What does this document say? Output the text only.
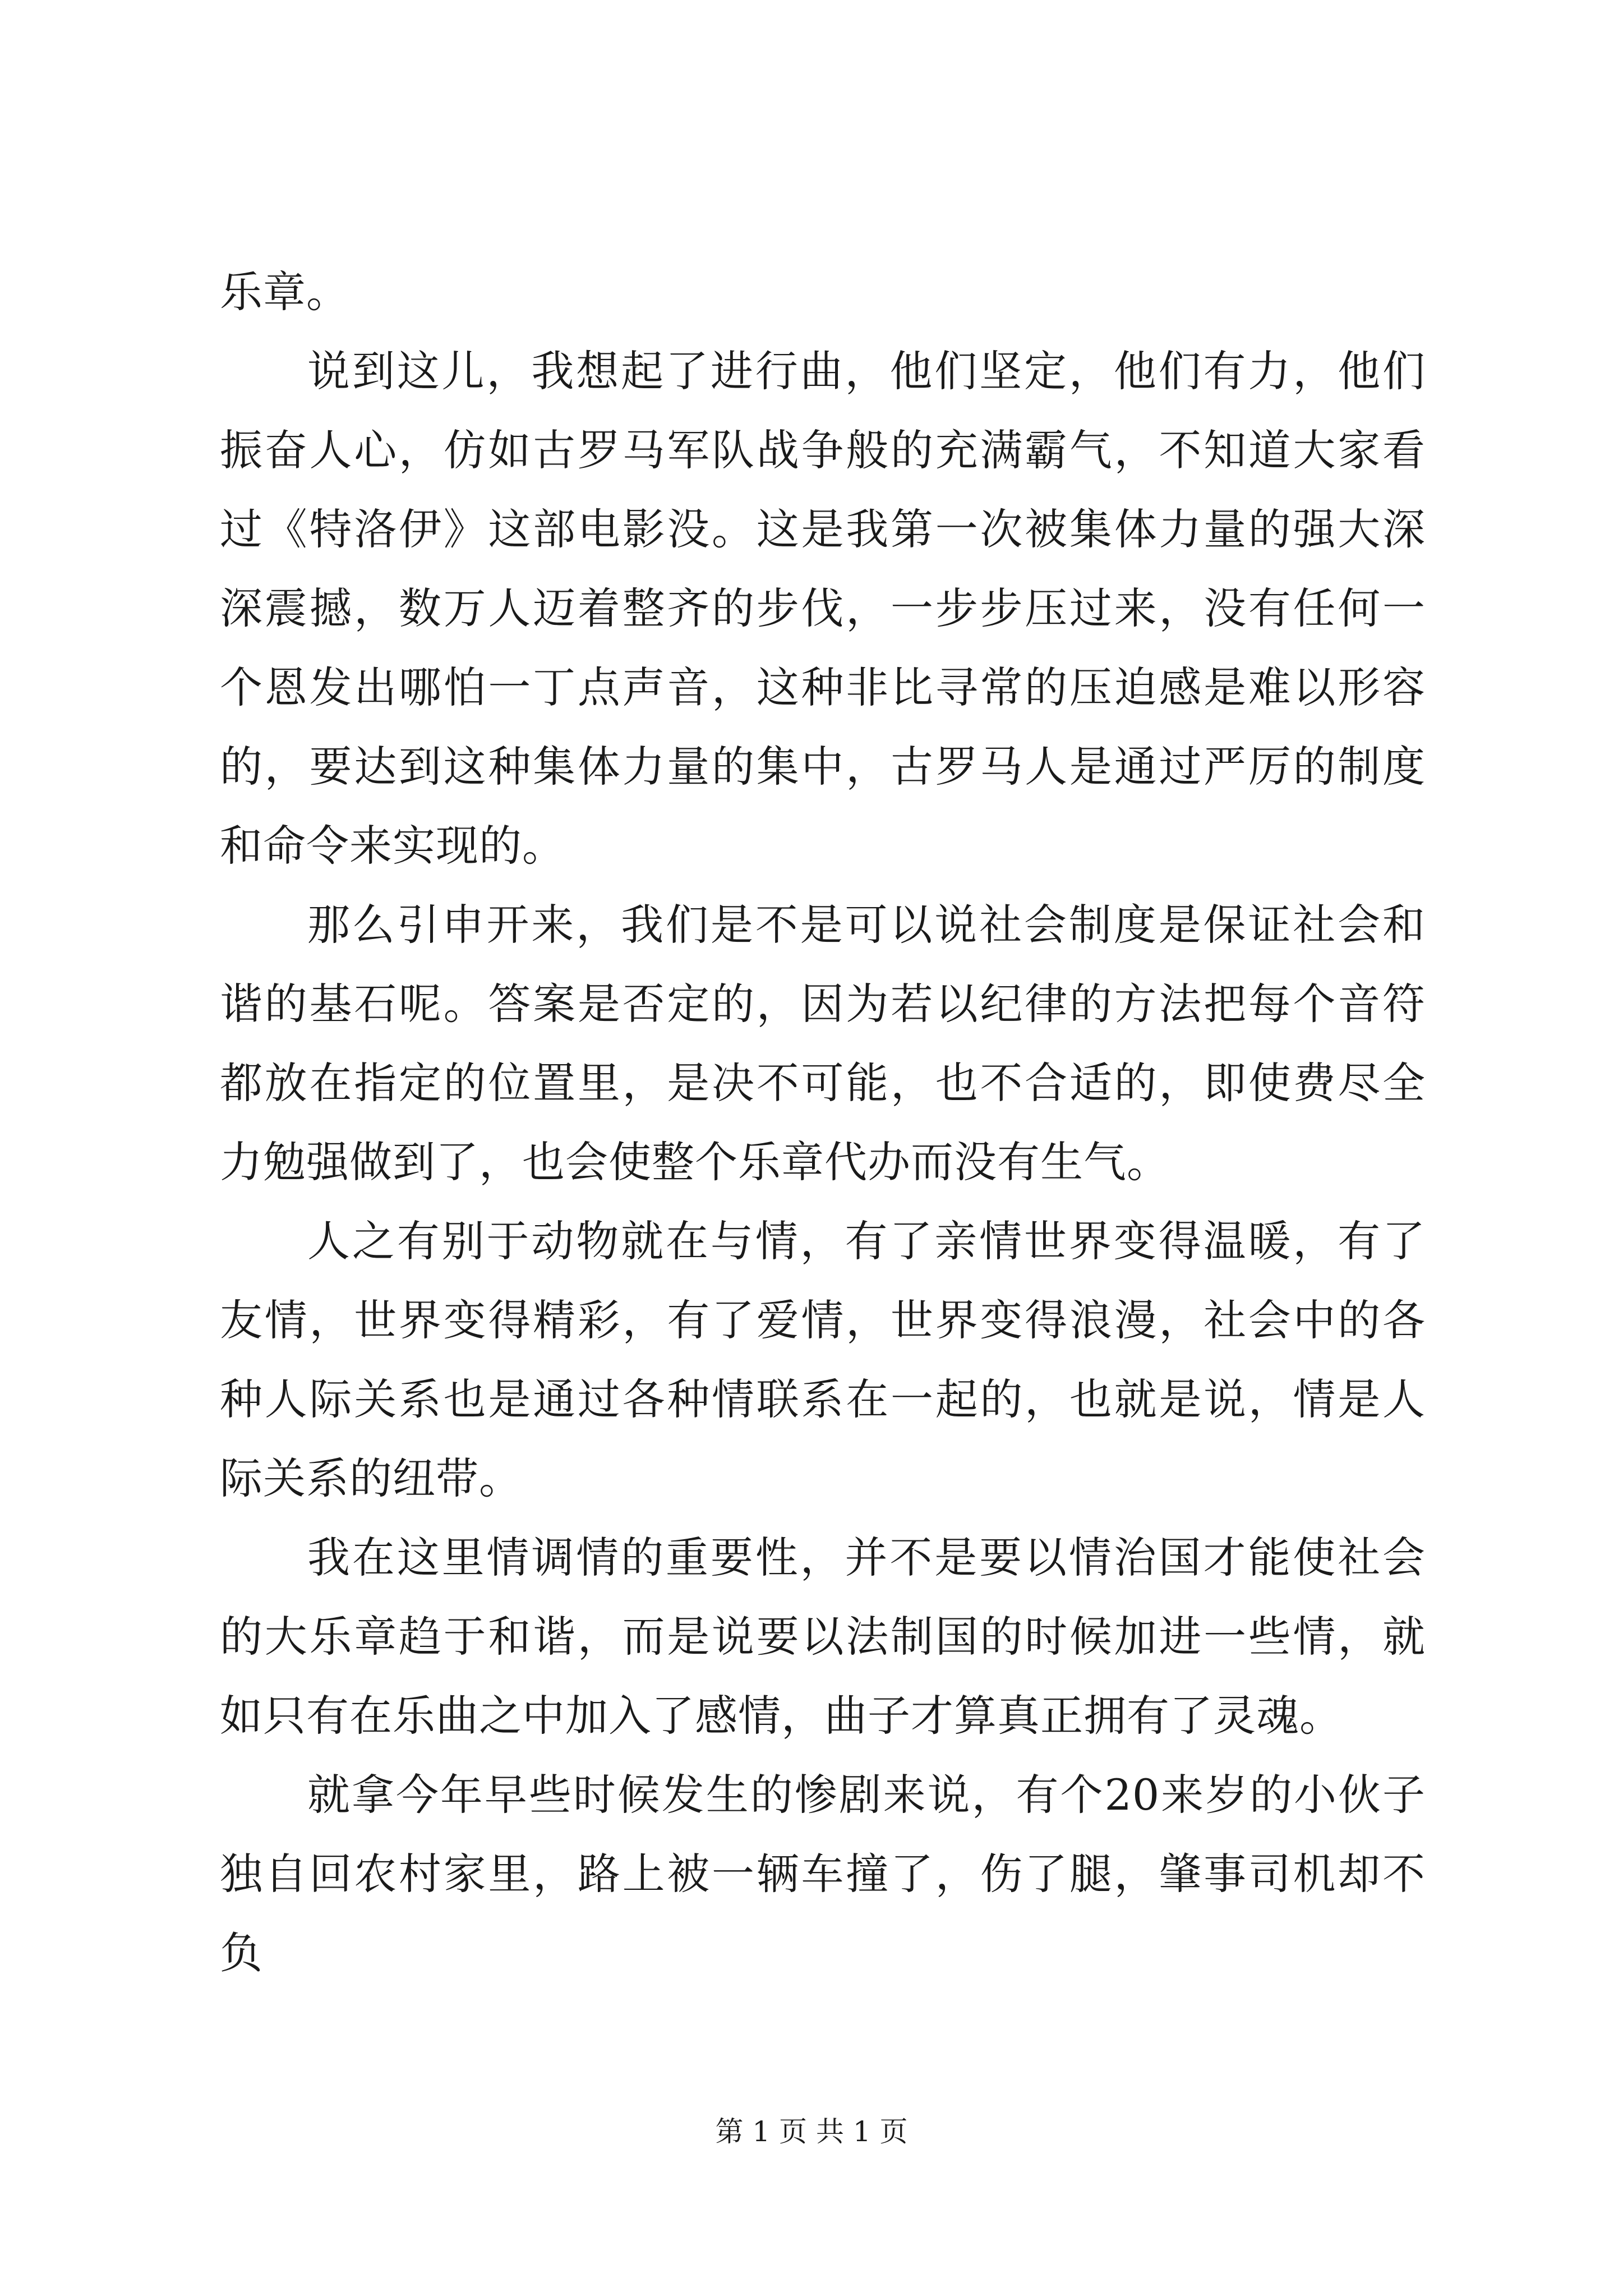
乐章。

说到这儿，我想起了进行曲，他们坚定，他们有力，他们振奋人心，仿如古罗马军队战争般的充满霸气，不知道大家看过《特洛伊》这部电影没。这是我第一次被集体力量的强大深深震撼，数万人迈着整齐的步伐，一步步压过来，没有任何一个恩发出哪怕一丁点声音，这种非比寻常的压迫感是难以形容的，要达到这种集体力量的集中，古罗马人是通过严厉的制度和命令来实现的。

那么引申开来，我们是不是可以说社会制度是保证社会和谐的基石呢。答案是否定的，因为若以纪律的方法把每个音符都放在指定的位置里，是决不可能，也不合适的，即使费尽全力勉强做到了，也会使整个乐章代办而没有生气。

人之有别于动物就在与情，有了亲情世界变得温暖，有了友情，世界变得精彩，有了爱情，世界变得浪漫，社会中的各种人际关系也是通过各种情联系在一起的，也就是说，情是人际关系的纽带。

我在这里情调情的重要性，并不是要以情治国才能使社会的大乐章趋于和谐，而是说要以法制国的时候加进一些情，就如只有在乐曲之中加入了感情，曲子才算真正拥有了灵魂。

就拿今年早些时候发生的惨剧来说，有个20来岁的小伙子独自回农村家里，路上被一辆车撞了，伤了腿，肇事司机却不负

第 1 页 共 1 页
